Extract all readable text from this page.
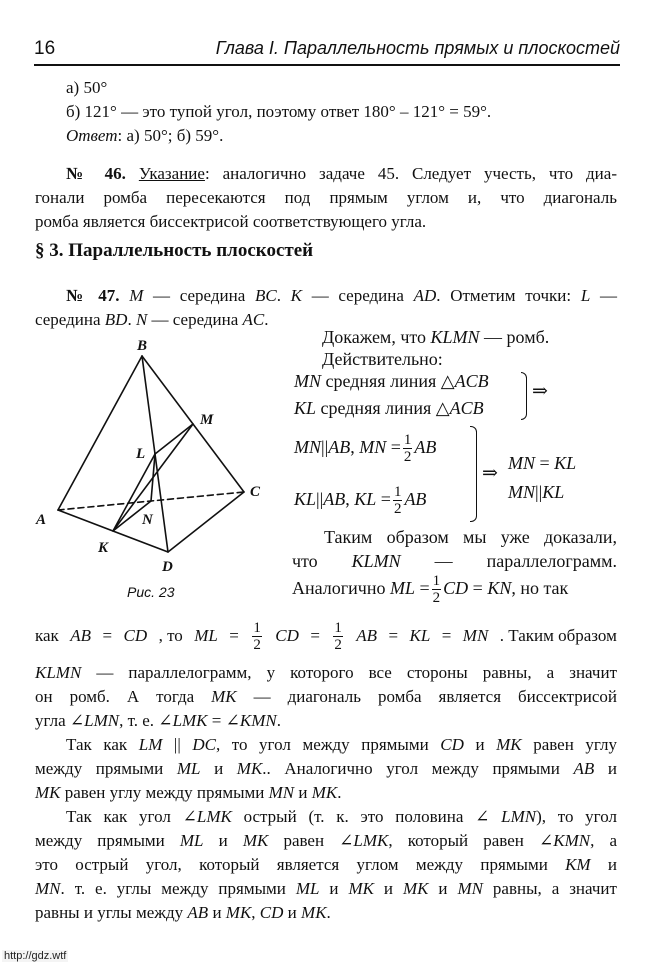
16	Глава I. Параллельность прямых и плоскостей
а) 50°
б) 121° — это тупой угол, поэтому ответ 180° – 121° = 59°.
Ответ: а) 50°; б) 59°.
№ 46. Указание: аналогично задаче 45. Следует учесть, что диа-
гонали ромба пересекаются под прямым углом и, что диагональ
ромба является биссектрисой соответствующего угла.
§ 3. Параллельность плоскостей
№ 47. M — середина BC. K — середина AD. Отметим точки: L —
середина BD. N — середина AC.
B
M
L
C
A	N
K
D
Рис. 23
Докажем, что KLMN — ромб.
Действительно:
MN средняя линия △ACB
KL средняя линия △ACB
⇒
MN||AB, MN = $\frac{1}{2}$ AB
KL||AB, KL = $\frac{1}{2}$ AB
⇒ MN = KL
MN||KL
Таким образом мы уже доказали,
что KLMN — параллелограмм.
Аналогично ML = $\frac{1}{2}$ CD = KN, но так
как AB = CD , то ML = $\frac{1}{2}$ CD = $\frac{1}{2}$ AB = KL = MN . Таким образом
KLMN — параллелограмм, у которого все стороны равны, а значит
он ромб. А тогда MK — диагональ ромба является биссектрисой
угла ∠LMN, т. е. ∠LMK = ∠KMN.
Так как LM || DC, то угол между прямыми CD и MK равен углу
между прямыми ML и MK.. Аналогично угол между прямыми AB и
MK равен углу между прямыми MN и MK.
Так как угол ∠LMK острый (т. к. это половина ∠ LMN), то угол
между прямыми ML и MK равен ∠LMK, который равен ∠KMN, а
это острый угол, который является углом между прямыми KM и
MN. т. е. углы между прямыми ML и MK и MK и MN равны, а значит
равны и углы между AB и MK, CD и MK.
http://gdz.wtf
